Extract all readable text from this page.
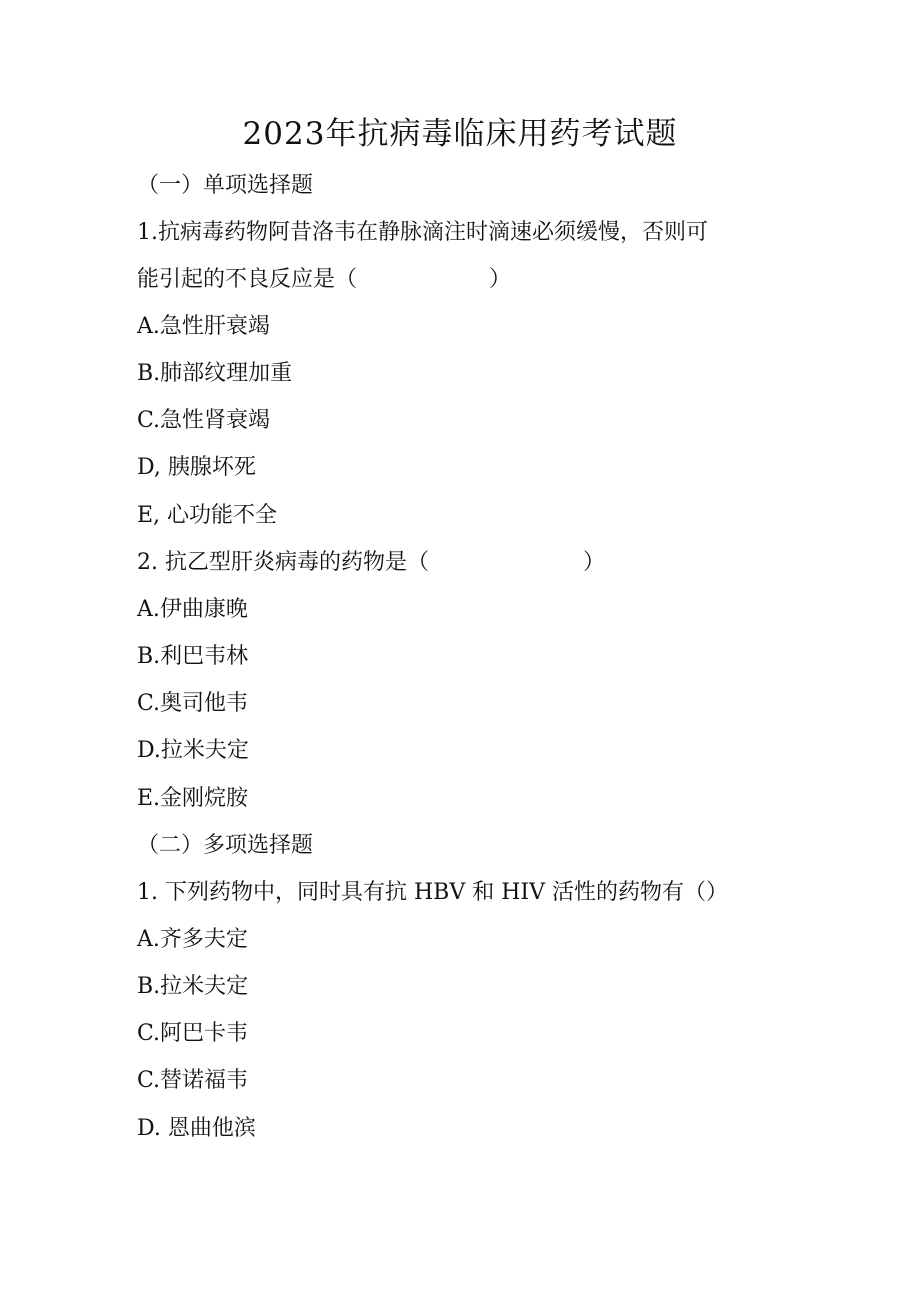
2023年抗病毒临床用药考试题
（一）单项选择题
1.抗病毒药物阿昔洛韦在静脉滴注时滴速必须缓慢，否则可
能引起的不良反应是（　　　　　　）
A.急性肝衰竭
B.肺部纹理加重
C.急性肾衰竭
D, 胰腺坏死
E, 心功能不全
2. 抗乙型肝炎病毒的药物是（　　　　　　　）
A.伊曲康晚
B.利巴韦林
C.奥司他韦
D.拉米夫定
E.金刚烷胺
（二）多项选择题
1. 下列药物中，同时具有抗 HBV 和 HIV 活性的药物有（）
A.齐多夫定
B.拉米夫定
C.阿巴卡韦
C.替诺福韦
D. 恩曲他滨
